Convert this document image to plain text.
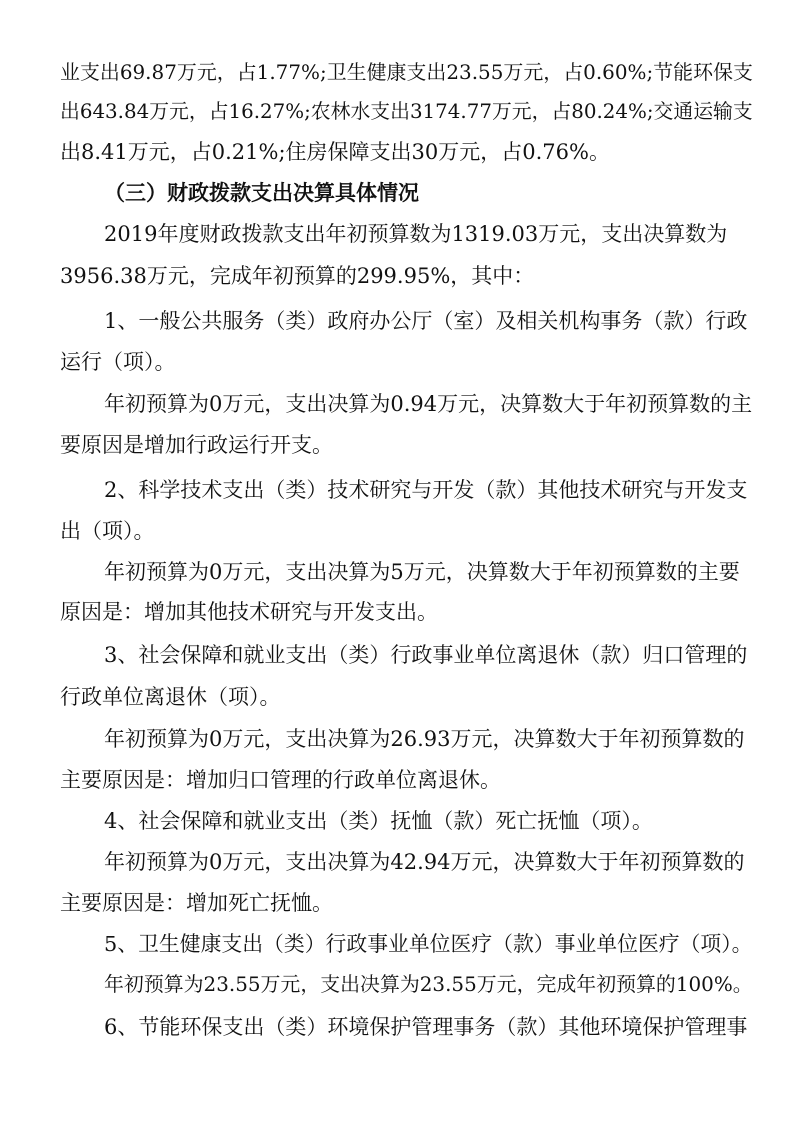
业支出69.87万元，占1.77%;卫生健康支出23.55万元，占0.60%;节能环保支
出643.84万元，占16.27%;农林水支出3174.77万元，占80.24%;交通运输支
出8.41万元，占0.21%;住房保障支出30万元，占0.76%。
（三）财政拨款支出决算具体情况
2019年度财政拨款支出年初预算数为1319.03万元，支出决算数为
3956.38万元，完成年初预算的299.95%，其中：
1、一般公共服务（类）政府办公厅（室）及相关机构事务（款）行政
运行（项）。
年初预算为0万元，支出决算为0.94万元，决算数大于年初预算数的主
要原因是增加行政运行开支。
2、科学技术支出（类）技术研究与开发（款）其他技术研究与开发支
出（项）。
年初预算为0万元，支出决算为5万元，决算数大于年初预算数的主要
原因是：增加其他技术研究与开发支出。
3、社会保障和就业支出（类）行政事业单位离退休（款）归口管理的
行政单位离退休（项）。
年初预算为0万元，支出决算为26.93万元，决算数大于年初预算数的
主要原因是：增加归口管理的行政单位离退休。
4、社会保障和就业支出（类）抚恤（款）死亡抚恤（项）。
年初预算为0万元，支出决算为42.94万元，决算数大于年初预算数的
主要原因是：增加死亡抚恤。
5、卫生健康支出（类）行政事业单位医疗（款）事业单位医疗（项）。
年初预算为23.55万元，支出决算为23.55万元，完成年初预算的100%。
6、节能环保支出（类）环境保护管理事务（款）其他环境保护管理事
